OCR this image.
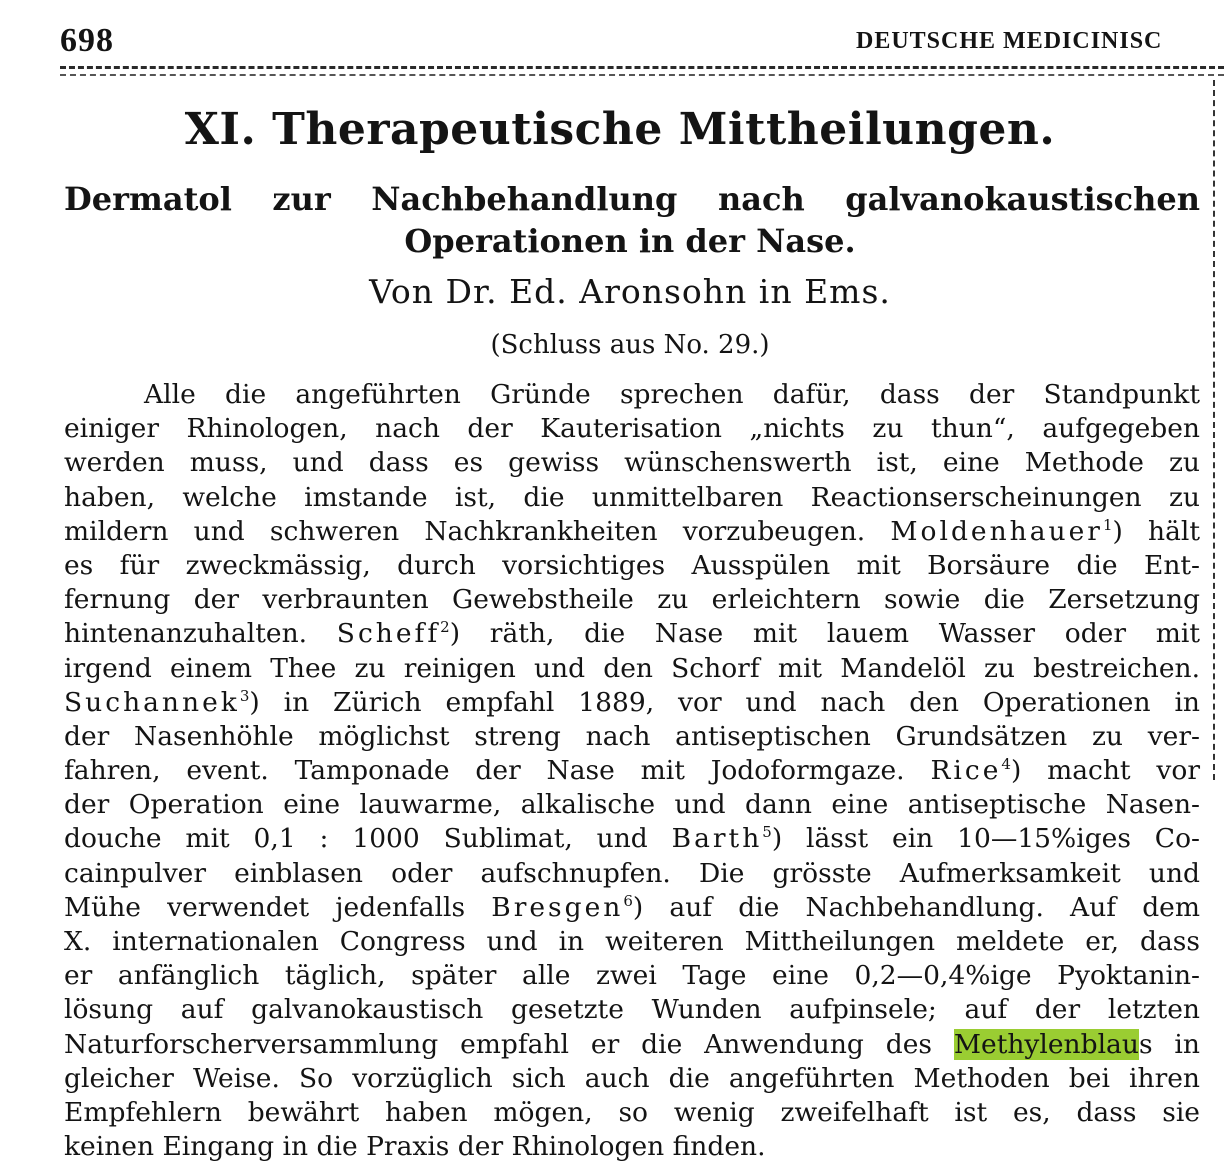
698	DEUTSCHE MEDICINISC
XI. Therapeutische Mittheilungen.
Dermatol zur Nachbehandlung nach galvanokaustischen
Operationen in der Nase.
Von Dr. Ed. Aronsohn in Ems.
(Schluss aus No. 29.)
Alle die angeführten Gründe sprechen dafür, dass der Standpunkt
einiger Rhinologen, nach der Kauterisation „nichts zu thun“, aufgegeben
werden muss, und dass es gewiss wünschenswerth ist, eine Methode zu
haben, welche imstande ist, die unmittelbaren Reactionserscheinungen zu
mildern und schweren Nachkrankheiten vorzubeugen. Moldenhauer$^1$) hält
es für zweckmässig, durch vorsichtiges Ausspülen mit Borsäure die Ent-
fernung der verbraunten Gewebstheile zu erleichtern sowie die Zersetzung
hintenanzuhalten. Scheff$^2$) räth, die Nase mit lauem Wasser oder mit
irgend einem Thee zu reinigen und den Schorf mit Mandelöl zu bestreichen.
Suchannek$^3$) in Zürich empfahl 1889, vor und nach den Operationen in
der Nasenhöhle möglichst streng nach antiseptischen Grundsätzen zu ver-
fahren, event. Tamponade der Nase mit Jodoformgaze. Rice$^4$) macht vor
der Operation eine lauwarme, alkalische und dann eine antiseptische Nasen-
douche mit 0,1 : 1000 Sublimat, und Barth$^5$) lässt ein 10—15%iges Co-
cainpulver einblasen oder aufschnupfen. Die grösste Aufmerksamkeit und
Mühe verwendet jedenfalls Bresgen$^6$) auf die Nachbehandlung. Auf dem
X. internationalen Congress und in weiteren Mittheilungen meldete er, dass
er anfänglich täglich, später alle zwei Tage eine 0,2—0,4%ige Pyoktanin-
lösung auf galvanokaustisch gesetzte Wunden aufpinsele; auf der letzten
Naturforscherversammlung empfahl er die Anwendung des Methylenblaus in
gleicher Weise. So vorzüglich sich auch die angeführten Methoden bei ihren
Empfehlern bewährt haben mögen, so wenig zweifelhaft ist es, dass sie
keinen Eingang in die Praxis der Rhinologen finden.
